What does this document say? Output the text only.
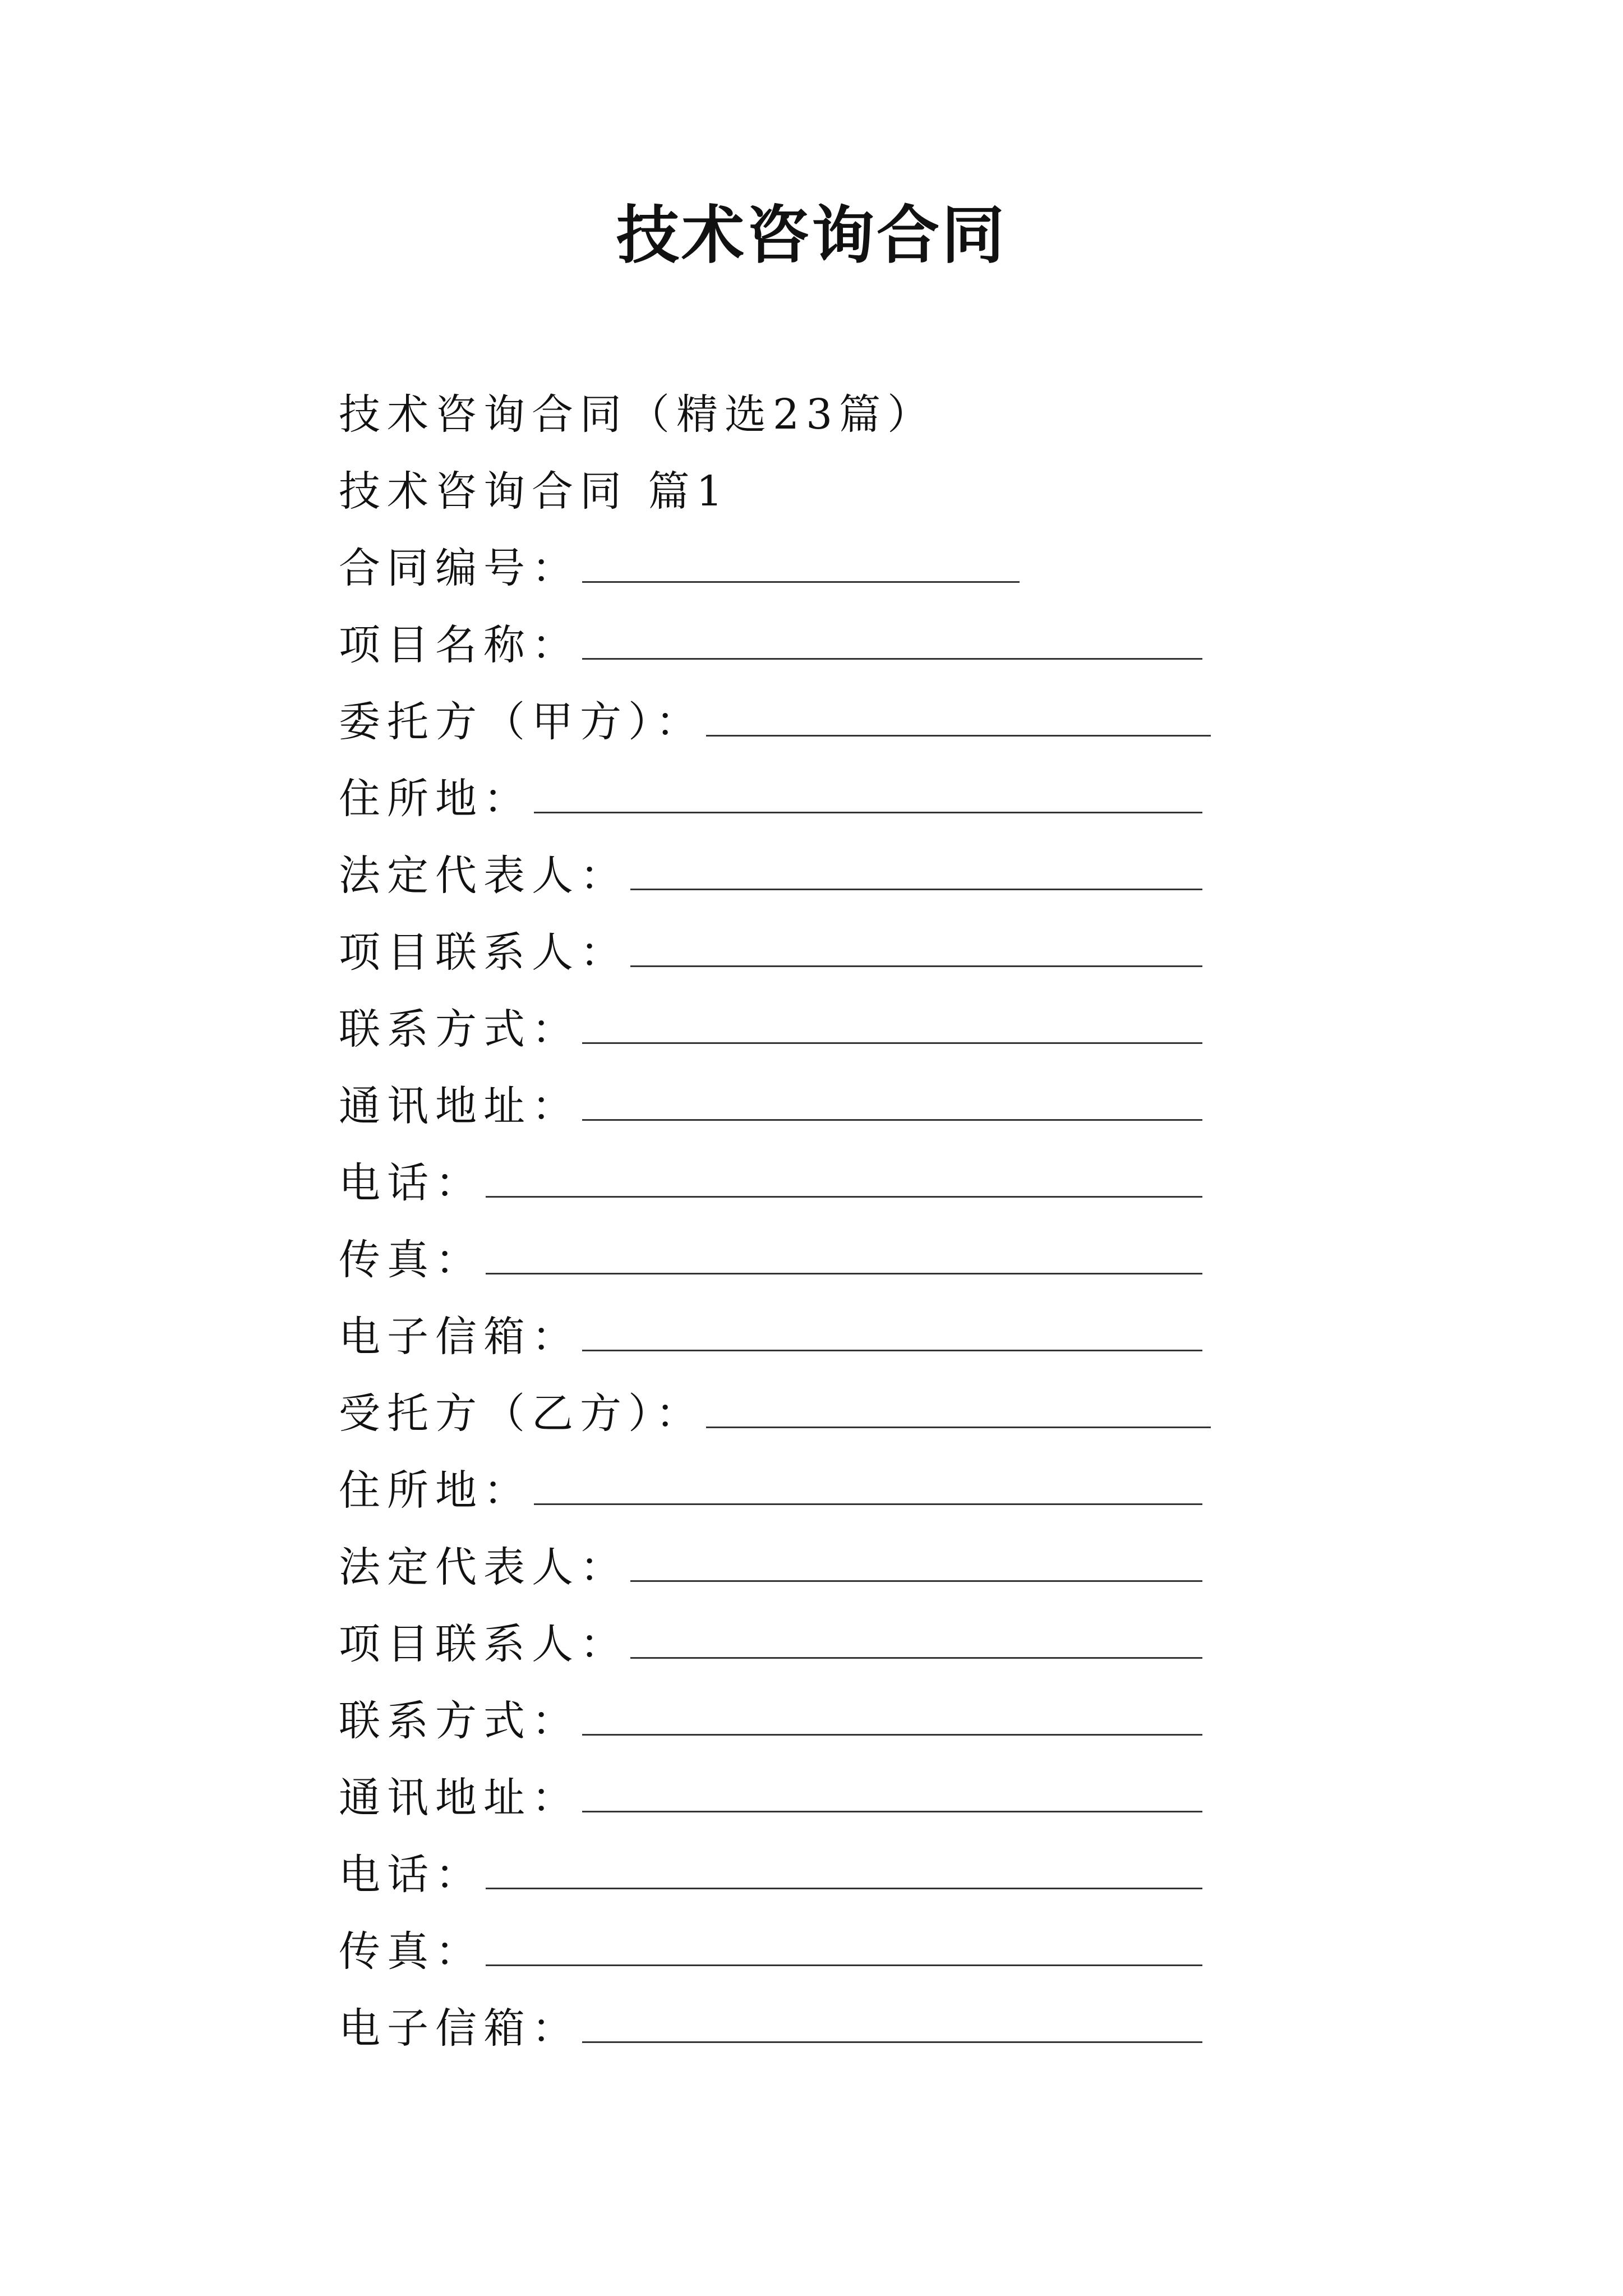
技术咨询合同
技术咨询合同（精选23篇）
技术咨询合同 篇1
合同编号：
项目名称：
委托方（甲方）：
住所地：
法定代表人：
项目联系人：
联系方式：
通讯地址：
电话：
传真：
电子信箱：
受托方（乙方）：
住所地：
法定代表人：
项目联系人：
联系方式：
通讯地址：
电话：
传真：
电子信箱：
